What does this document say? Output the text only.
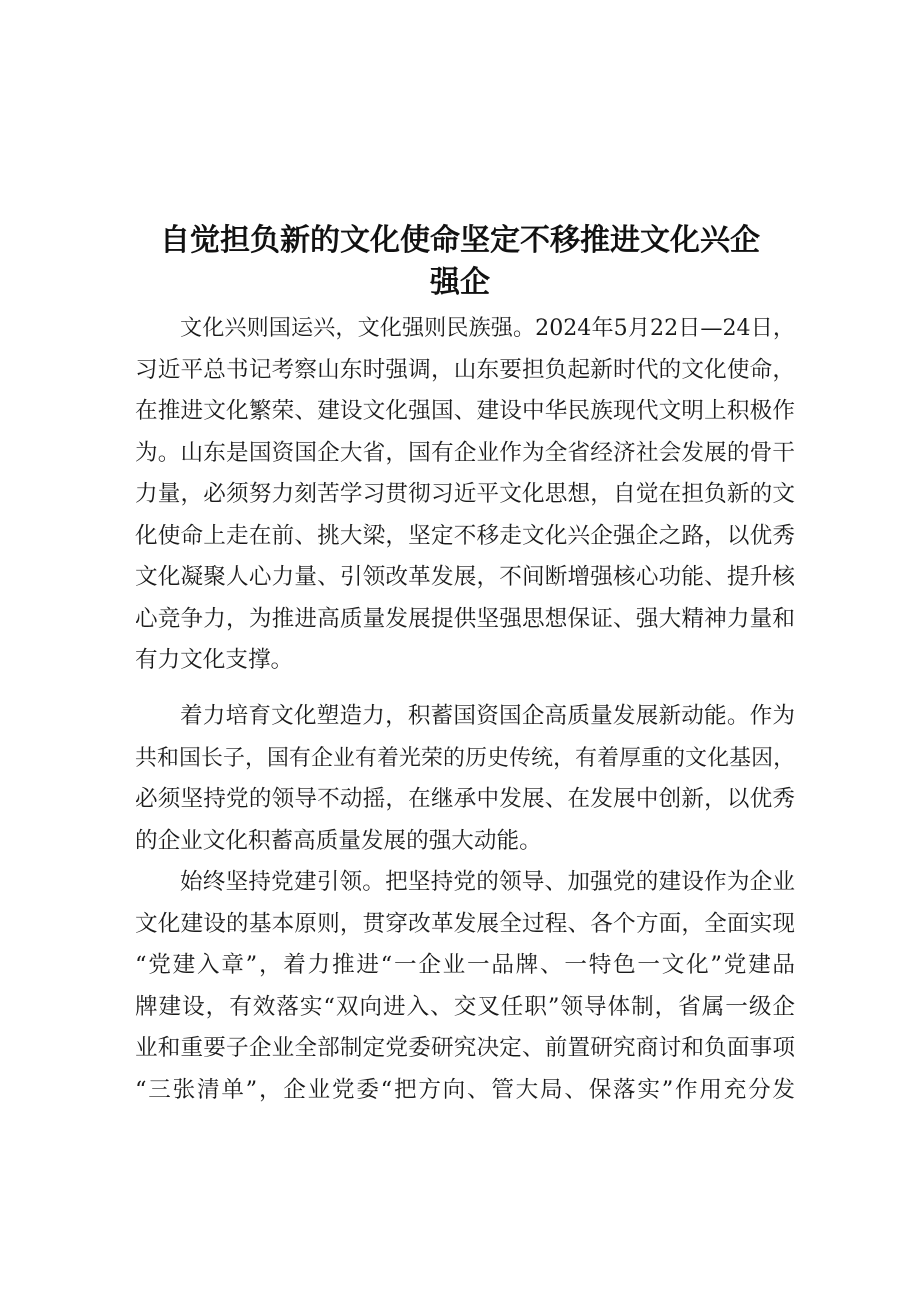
自觉担负新的文化使命坚定不移推进文化兴企
强企
文化兴则国运兴，文化强则民族强。2024年5月22日—24日，
习近平总书记考察山东时强调，山东要担负起新时代的文化使命，
在推进文化繁荣、建设文化强国、建设中华民族现代文明上积极作
为。山东是国资国企大省，国有企业作为全省经济社会发展的骨干
力量，必须努力刻苦学习贯彻习近平文化思想，自觉在担负新的文
化使命上走在前、挑大梁，坚定不移走文化兴企强企之路，以优秀
文化凝聚人心力量、引领改革发展，不间断增强核心功能、提升核
心竞争力，为推进高质量发展提供坚强思想保证、强大精神力量和
有力文化支撑。
着力培育文化塑造力，积蓄国资国企高质量发展新动能。作为
共和国长子，国有企业有着光荣的历史传统，有着厚重的文化基因，
必须坚持党的领导不动摇，在继承中发展、在发展中创新，以优秀
的企业文化积蓄高质量发展的强大动能。
始终坚持党建引领。把坚持党的领导、加强党的建设作为企业
文化建设的基本原则，贯穿改革发展全过程、各个方面，全面实现
“党建入章”，着力推进“一企业一品牌、一特色一文化”党建品
牌建设，有效落实“双向进入、交叉任职”领导体制，省属一级企
业和重要子企业全部制定党委研究决定、前置研究商讨和负面事项
“三张清单”，企业党委“把方向、管大局、保落实”作用充分发
